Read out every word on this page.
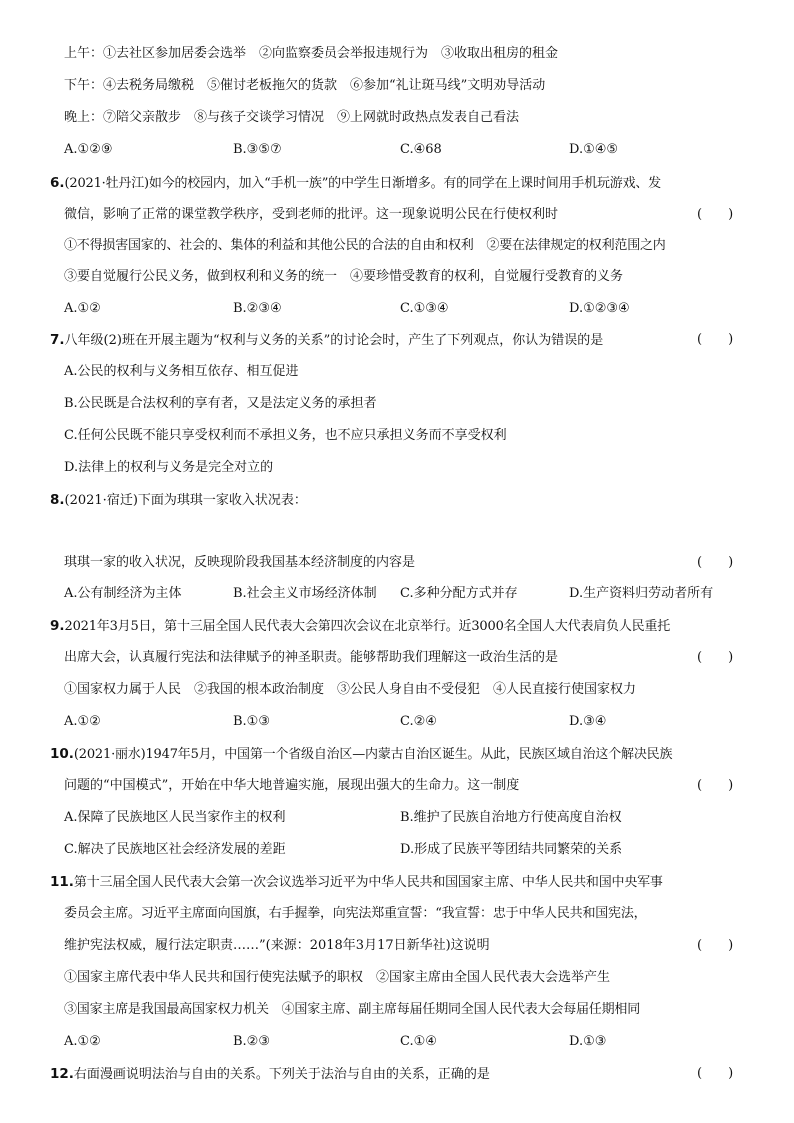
上午：①去社区参加居委会选举　②向监察委员会举报违规行为　③收取出租房的租金
下午：④去税务局缴税　⑤催讨老板拖欠的货款　⑥参加“礼让斑马线”文明劝导活动
晚上：⑦陪父亲散步　⑧与孩子交谈学习情况　⑨上网就时政热点发表自己看法
A.①②⑨	B.③⑤⑦	C.④68	D.①④⑤
6.(2021·牡丹江)如今的校园内，加入“手机一族”的中学生日渐增多。有的同学在上课时间用手机玩游戏、发
微信，影响了正常的课堂教学秩序，受到老师的批评。这一现象说明公民在行使权利时	(　　)
①不得损害国家的、社会的、集体的利益和其他公民的合法的自由和权利　②要在法律规定的权利范围之内
③要自觉履行公民义务，做到权利和义务的统一　④要珍惜受教育的权利，自觉履行受教育的义务
A.①②	B.②③④	C.①③④	D.①②③④
7.八年级(2)班在开展主题为“权利与义务的关系”的讨论会时，产生了下列观点，你认为错误的是	(　　)
A.公民的权利与义务相互依存、相互促进
B.公民既是合法权利的享有者，又是法定义务的承担者
C.任何公民既不能只享受权利而不承担义务，也不应只承担义务而不享受权利
D.法律上的权利与义务是完全对立的
8.(2021·宿迁)下面为琪琪一家收入状况表：
琪琪一家的收入状况，反映现阶段我国基本经济制度的内容是	(　　)
A.公有制经济为主体	B.社会主义市场经济体制 C.多种分配方式并存	D.生产资料归劳动者所有
9.2021年3月5日，第十三届全国人民代表大会第四次会议在北京举行。近3000名全国人大代表肩负人民重托
出席大会，认真履行宪法和法律赋予的神圣职责。能够帮助我们理解这一政治生活的是	(　　)
①国家权力属于人民　②我国的根本政治制度　③公民人身自由不受侵犯　④人民直接行使国家权力
A.①②	B.①③	C.②④	D.③④
10.(2021·丽水)1947年5月，中国第一个省级自治区—内蒙古自治区诞生。从此，民族区域自治这个解决民族
问题的“中国模式”，开始在中华大地普遍实施，展现出强大的生命力。这一制度	(　　)
A.保障了民族地区人民当家作主的权利	B.维护了民族自治地方行使高度自治权
C.解决了民族地区社会经济发展的差距	D.形成了民族平等团结共同繁荣的关系
11.第十三届全国人民代表大会第一次会议选举习近平为中华人民共和国国家主席、中华人民共和国中央军事
委员会主席。习近平主席面向国旗，右手握拳，向宪法郑重宣誓：“我宣誓：忠于中华人民共和国宪法，
维护宪法权威，履行法定职责……”(来源：2018年3月17日新华社)这说明	(　　)
①国家主席代表中华人民共和国行使宪法赋予的职权　②国家主席由全国人民代表大会选举产生
③国家主席是我国最高国家权力机关　④国家主席、副主席每届任期同全国人民代表大会每届任期相同
A.①②	B.②③	C.①④	D.①③
12.右面漫画说明法治与自由的关系。下列关于法治与自由的关系，正确的是	(　　)
